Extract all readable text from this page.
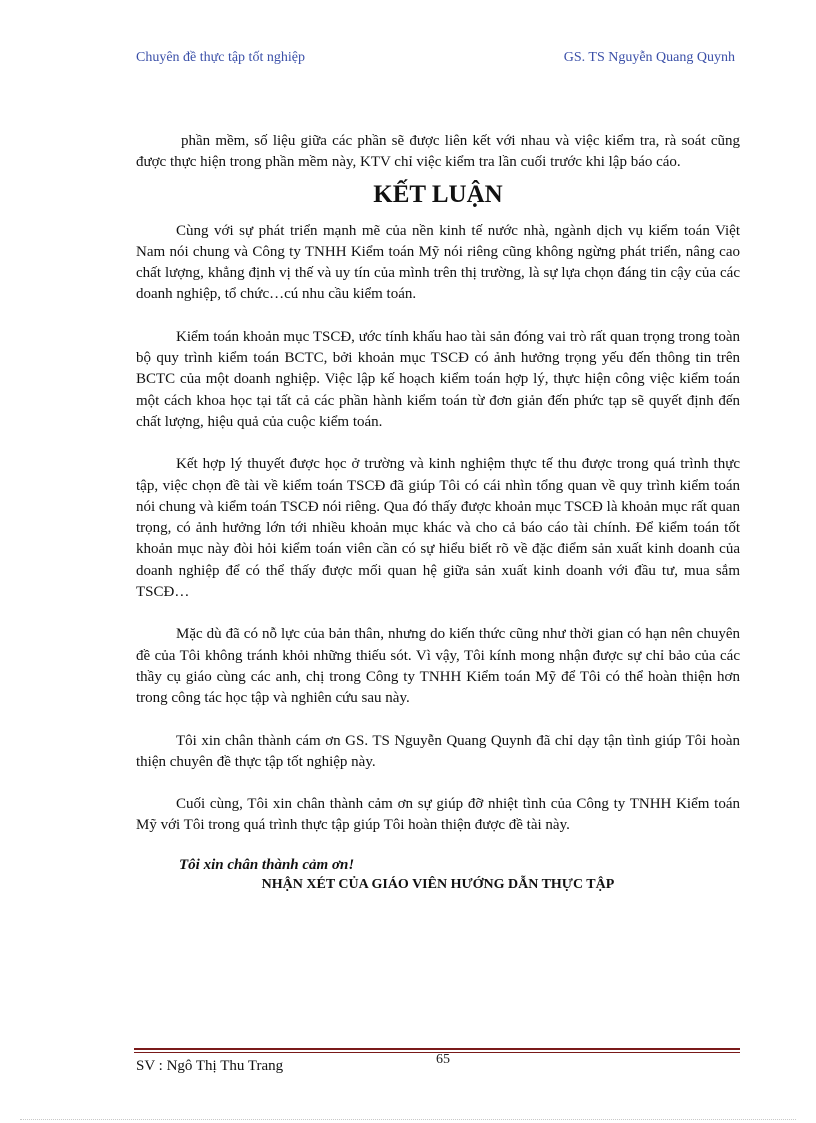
Chuyên đề thực tập tốt nghiệp	GS. TS Nguyễn Quang Quynh

phần mềm, số liệu giữa các phần sẽ được liên kết với nhau và việc kiểm tra, rà soát cũng được thực hiện trong phần mềm này, KTV chỉ việc kiểm tra lần cuối trước khi lập báo cáo.

KẾT LUẬN

Cùng với sự phát triển mạnh mẽ của nền kinh tế nước nhà, ngành dịch vụ kiểm toán Việt Nam nói chung và Công ty TNHH Kiểm toán Mỹ nói riêng cũng không ngừng phát triển, nâng cao chất lượng, khẳng định vị thế và uy tín của mình trên thị trường, là sự lựa chọn đáng tin cậy của các doanh nghiệp, tổ chức…cú nhu cầu kiểm toán.

Kiểm toán khoản mục TSCĐ, ước tính khấu hao tài sản đóng vai trò rất quan trọng trong toàn bộ quy trình kiểm toán BCTC, bởi khoản mục TSCĐ có ảnh hưởng trọng yếu đến thông tin trên BCTC của một doanh nghiệp. Việc lập kế hoạch kiểm toán hợp lý, thực hiện công việc kiểm toán một cách khoa học tại tất cả các phần hành kiểm toán từ đơn giản đến phức tạp sẽ quyết định đến chất lượng, hiệu quả của cuộc kiểm toán.

Kết hợp lý thuyết được học ở trường và kinh nghiệm thực tế thu được trong quá trình thực tập, việc chọn đề tài về kiểm toán TSCĐ đã giúp Tôi có cái nhìn tổng quan về quy trình kiểm toán nói chung và kiểm toán TSCĐ nói riêng. Qua đó thấy được khoản mục TSCĐ là khoản mục rất quan trọng, có ảnh hưởng lớn tới nhiều khoản mục khác và cho cả báo cáo tài chính. Để kiểm toán tốt khoản mục này đòi hỏi kiểm toán viên cần có sự hiểu biết rõ về đặc điểm sản xuất kinh doanh của doanh nghiệp để có thể thấy được mối quan hệ giữa sản xuất kinh doanh với đầu tư, mua sắm TSCĐ…

Mặc dù đã có nỗ lực của bản thân, nhưng do kiến thức cũng như thời gian có hạn nên chuyên đề của Tôi không tránh khỏi những thiếu sót. Vì vậy, Tôi kính mong nhận được sự chỉ bảo của các thầy cụ giáo cùng các anh, chị trong Công ty TNHH Kiểm toán Mỹ để Tôi có thể hoàn thiện hơn trong công tác học tập và nghiên cứu sau này.

Tôi xin chân thành cám ơn GS. TS Nguyễn Quang Quynh đã chỉ dạy tận tình giúp Tôi hoàn thiện chuyên đề thực tập tốt nghiệp này.

Cuối cùng, Tôi xin chân thành cảm ơn sự giúp đỡ nhiệt tình của Công ty TNHH Kiểm toán Mỹ với Tôi trong quá trình thực tập giúp Tôi hoàn thiện được đề tài này.

Tôi xin chân thành cảm ơn!
NHẬN XÉT CỦA GIÁO VIÊN HƯỚNG DẪN THỰC TẬP
65
SV : Ngô Thị Thu Trang
